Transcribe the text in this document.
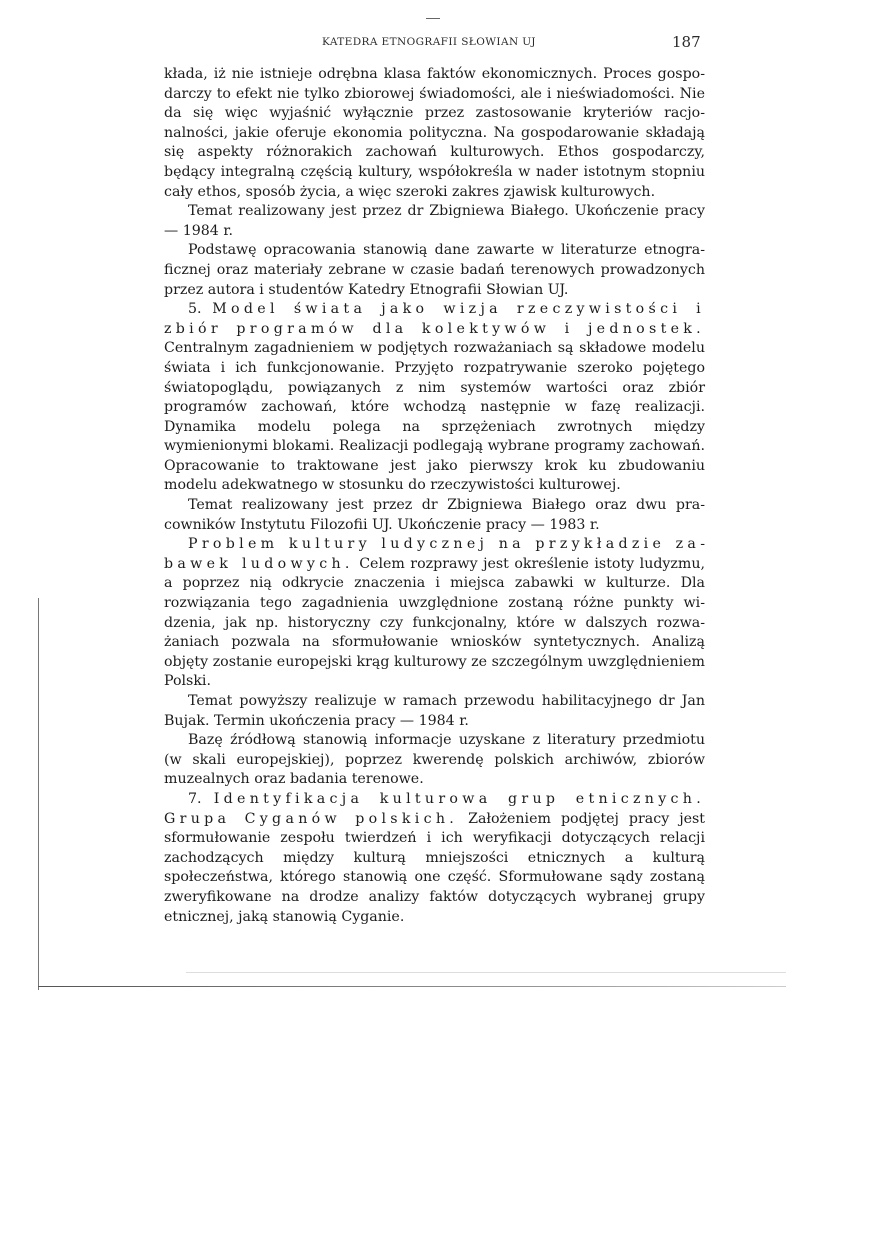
KATEDRA ETNOGRAFII SŁOWIAN UJ	187

kłada, iż nie istnieje odrębna klasa faktów ekonomicznych. Proces gospodarczy to efekt nie tylko zbiorowej świadomości, ale i nieświadomości. Nie da się więc wyjaśnić wyłącznie przez zastosowanie kryteriów racjonalności, jakie oferuje ekonomia polityczna. Na gospodarowanie składają się aspekty różnorakich zachowań kulturowych. Ethos gospodarczy, będący integralną częścią kultury, współokreśla w nader istotnym stopniu cały ethos, sposób życia, a więc szeroki zakres zjawisk kulturowych.

Temat realizowany jest przez dr Zbigniewa Białego. Ukończenie pracy — 1984 r.

Podstawę opracowania stanowią dane zawarte w literaturze etnograficznej oraz materiały zebrane w czasie badań terenowych prowadzonych przez autora i studentów Katedry Etnografii Słowian UJ.

5. Model świata jako wizja rzeczywistości i zbiór programów dla kolektywów i jednostek. Centralnym zagadnieniem w podjętych rozważaniach są składowe modelu świata i ich funkcjonowanie. Przyjęto rozpatrywanie szeroko pojętego światopoglądu, powiązanych z nim systemów wartości oraz zbiór programów zachowań, które wchodzą następnie w fazę realizacji. Dynamika modelu polega na sprzężeniach zwrotnych między wymienionymi blokami. Realizacji podlegają wybrane programy zachowań. Opracowanie to traktowane jest jako pierwszy krok ku zbudowaniu modelu adekwatnego w stosunku do rzeczywistości kulturowej.

Temat realizowany jest przez dr Zbigniewa Białego oraz dwu pracowników Instytutu Filozofii UJ. Ukończenie pracy — 1983 r.

Problem kultury ludycznej na przykładzie zabawek ludowych. Celem rozprawy jest określenie istoty ludyzmu, a poprzez nią odkrycie znaczenia i miejsca zabawki w kulturze. Dla rozwiązania tego zagadnienia uwzględnione zostaną różne punkty widzenia, jak np. historyczny czy funkcjonalny, które w dalszych rozważaniach pozwala na sformułowanie wniosków syntetycznych. Analizą objęty zostanie europejski krąg kulturowy ze szczególnym uwzględnieniem Polski.

Temat powyższy realizuje w ramach przewodu habilitacyjnego dr Jan Bujak. Termin ukończenia pracy — 1984 r.

Bazę źródłową stanowią informacje uzyskane z literatury przedmiotu (w skali europejskiej), poprzez kwerendę polskich archiwów, zbiorów muzealnych oraz badania terenowe.

7. Identyfikacja kulturowa grup etnicznych. Grupa Cyganów polskich. Założeniem podjętej pracy jest sformułowanie zespołu twierdzeń i ich weryfikacji dotyczących relacji zachodzących między kulturą mniejszości etnicznych a kulturą społeczeństwa, którego stanowią one część. Sformułowane sądy zostaną zweryfikowane na drodze analizy faktów dotyczących wybranej grupy etnicznej, jaką stanowią Cyganie.
